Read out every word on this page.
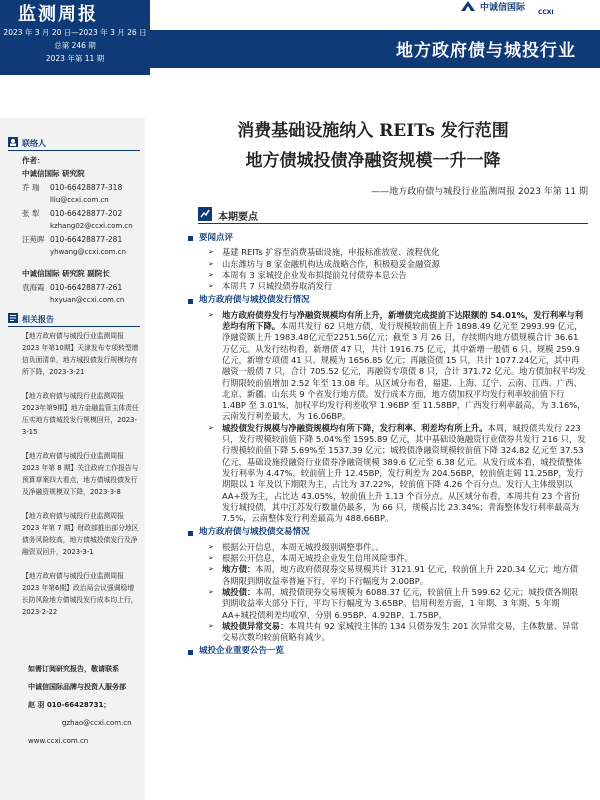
监测周报
2023 年 3 月 20 日—2023 年 3 月 26 日
总第 246 期
2023 年第 11 期
中诚信国际 CCXI
地方政府债与城投行业
联络人
作者：
中诚信国际 研究院
乔 瑞	010-66428877-318
lliu@ccxi.com.cn
张 犁	010-66428877-202
kzhang02@ccxi.com.cn
汪苑晖 010-66428877-281
yhwang@ccxi.com.cn
中诚信国际 研究院 副院长
袁海霞 010-66428877-261
hxyuan@ccxi.com.cn
相关报告
【地方政府债与城投行业监测周报 2023 年第10期】天津发布专项转型增信负面清单，地方城投债发行规模均有所下降，2023-3-21
【地方政府债与城投行业监测周报 2023年第9期】地方金融监管主体责任压实地方债城投发行规模回升，2023-3-15
【地方政府债与城投行业监测周报 2023 年第 8 期】关注政府工作报告与预算草案四大看点，地方债城投债发行及净融资规模双下降，2023-3-8
【地方政府债与城投行业监测周报 2023 年第 7 期】财政部推出部分地区债务风险较高，地方债城投债发行及净融资双回升，2023-3-1
【地方政府债与城投行业监测周报 2023 年第6期】政治局会议强调稳增长防风险地方债城投发行成本均上行，2023-2-22
如需订阅研究报告，敬请联系
中诚信国际品牌与投资人服务部
赵 羽 010-66428731；
gzhao@ccxi.com.cn
www.ccxi.com.cn
消费基础设施纳入 REITs 发行范围
地方债城投债净融资规模一升一降
——地方政府债与城投行业监测周报 2023 年第 11 期
本期要点
要闻点评
➢ 基建 REITs 扩容至消费基础设施，申报标准放宽、流程优化
➢ 山东潍坊与 8 家金融机构达成战略合作，积极稳妥金融资源
➢ 本周有 3 家城投企业发布拟提前兑付债券本息公告
➢ 本周共 7 只城投债券取消发行
地方政府债与城投债发行情况
➢ 地方政府债券发行与净融资规模均有所上升，新增债完成提前下达限额的 54.01%，发行利率与利差均有所下降。本周共发行 62 只地方债，发行规模较前值上升 1898.49 亿元至 2993.99 亿元，净融资额上升 1983.48亿元至2251.56亿元；截至 3 月 26 日，存续期内地方债规模合计 36.61 万亿元。从发行结构看，新增债 47 只，共计 1916.75 亿元，其中新增一般债 6 只、规模 259.9 亿元，新增专项债 41 只、规模为 1656.85 亿元；再融资债 15 只，共计 1077.24亿元，其中再融资一般债 7 只，合计 705.52 亿元，再融资专项债 8 只，合计 371.72 亿元。地方债加权平均发行期限较前值增加 2.52 年至 13.08 年。从区域分布看，福建、上海、辽宁、云南、江西、广西、北京、新疆、山东共 9 个省发行地方债。发行成本方面，地方债加权平均发行利率较前值下行 1.4BP 至 3.01%，加权平均发行利差收窄 1.96BP 至 11.58BP，广西发行利率最高，为 3.16%，云南发行利差最大，为 16.06BP。
➢ 城投债发行规模与净融资规模均有所下降，发行利率、利差均有所上升。本周，城投债共发行 223 只，发行规模较前值下降 5.04%至 1595.89 亿元，其中基础设施融资行业债券共发行 216 只，发行规模较前值下降 5.69%至 1537.39 亿元；城投债净融资规模较前值下降 324.82 亿元至 37.53 亿元，基础设施投融资行业债券净融资规模 389.6 亿元至 6.38 亿元。从发行成本看，城投债整体发行利率为 4.47%，较前值上升 12.45BP，发行利差为 204.56BP，较前值走阔 11.25BP，发行期限以 1 年及以下期限为主，占比为 37.22%，较前值下降 4.26 个百分点。发行人主体级别以 AA+级为主，占比达 43.05%，较前值上升 1.13 个百分点。从区域分布看，本周共有 23 个省份发行城投债，其中江苏发行数量仍最多，为 66 只，规模占比 23.34%；青海整体发行利率最高为 7.5%，云南整体发行利差最高为 488.66BP。
地方政府债与城投债交易情况
➢ 根据公开信息，本周无城投级别调整事件。。
➢ 根据公开信息，本周无城投企业发生信用风险事件。
➢ 地方债：本周，地方政府债现券交易规模共计 3121.91 亿元，较前值上升 220.34 亿元；地方债各期限到期收益率普遍下行，平均下行幅度为 2.00BP。
➢ 城投债：本周，城投债现券交易规模为 6088.37 亿元，较前值上升 599.62 亿元；城投债各期限到期收益率大部分下行，平均下行幅度为 3.65BP。信用利差方面，1 年期、3 年期、5 年期 AA+城投债利差均收窄，分别 6.95BP、4.92BP、1.75BP。
➢ 城投债异常交易：本周共有 92 家城投主体的 134 只债券发生 201 次异常交易，主体数量、异常交易次数均较前值略有减少。
城投企业重要公告一览
